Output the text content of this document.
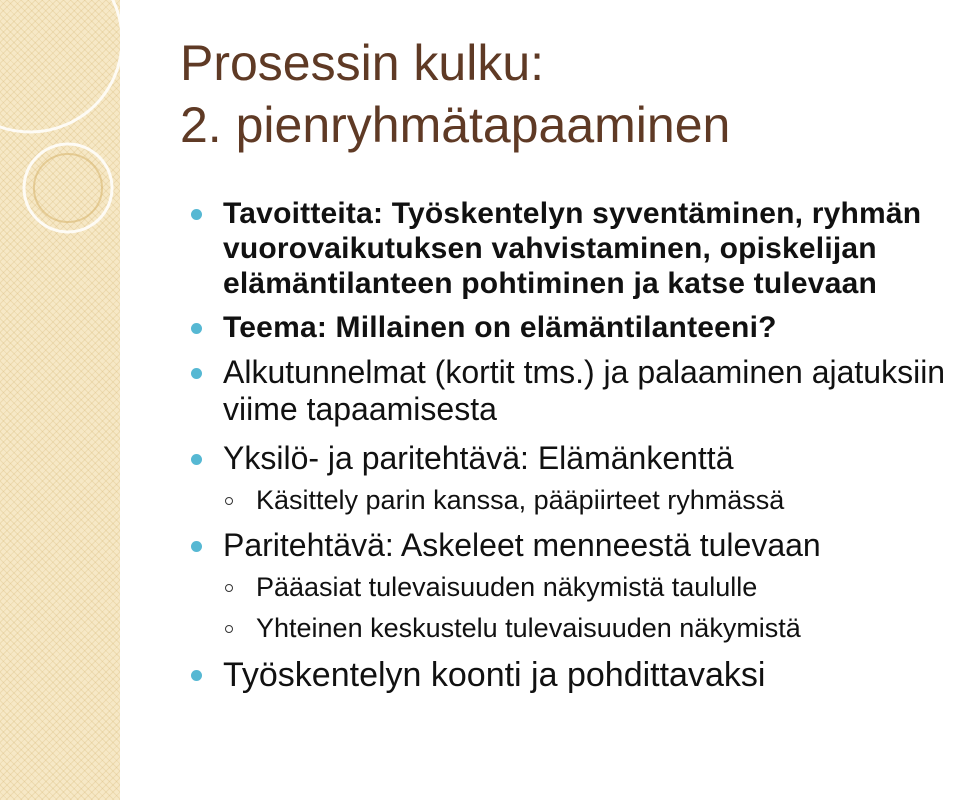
Prosessin kulku:
2. pienryhmätapaaminen
Tavoitteita: Työskentelyn syventäminen, ryhmän vuorovaikutuksen vahvistaminen, opiskelijan elämäntilanteen pohtiminen ja katse tulevaan
Teema: Millainen on elämäntilanteeni?
Alkutunnelmat (kortit tms.) ja palaaminen ajatuksiin viime tapaamisesta
Yksilö- ja paritehtävä: Elämänkenttä
Käsittely parin kanssa, pääpiirteet ryhmässä
Paritehtävä: Askeleet menneestä tulevaan
Pääasiat tulevaisuuden näkymistä taululle
Yhteinen keskustelu tulevaisuuden näkymistä
Työskentelyn koonti ja pohdittavaksi
